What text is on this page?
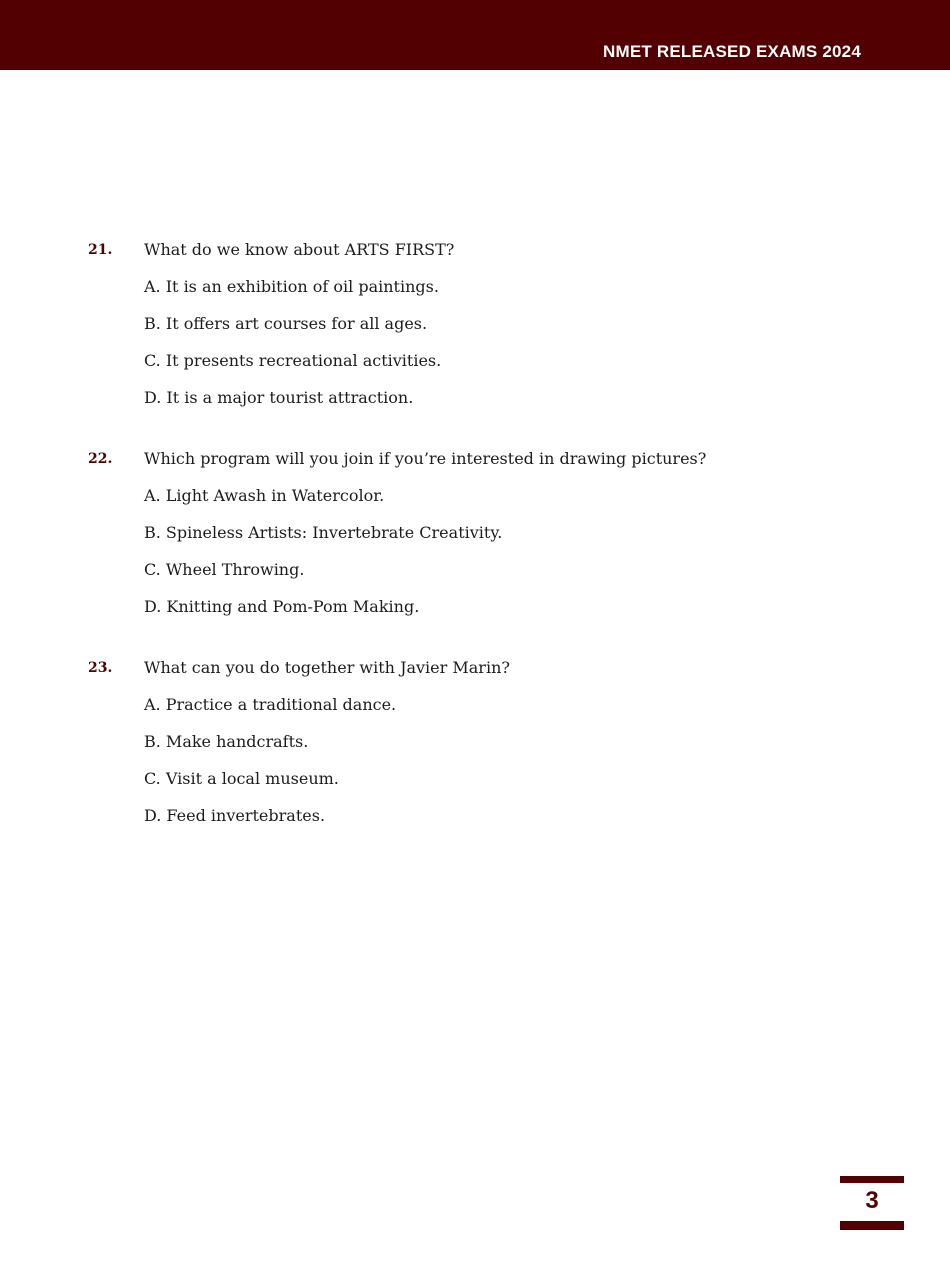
NMET RELEASED EXAMS 2024
21. What do we know about ARTS FIRST?
A. It is an exhibition of oil paintings.
B. It offers art courses for all ages.
C. It presents recreational activities.
D. It is a major tourist attraction.
22. Which program will you join if you’re interested in drawing pictures?
A. Light Awash in Watercolor.
B. Spineless Artists: Invertebrate Creativity.
C. Wheel Throwing.
D. Knitting and Pom-Pom Making.
23. What can you do together with Javier Marin?
A. Practice a traditional dance.
B. Make handcrafts.
C. Visit a local museum.
D. Feed invertebrates.
3
